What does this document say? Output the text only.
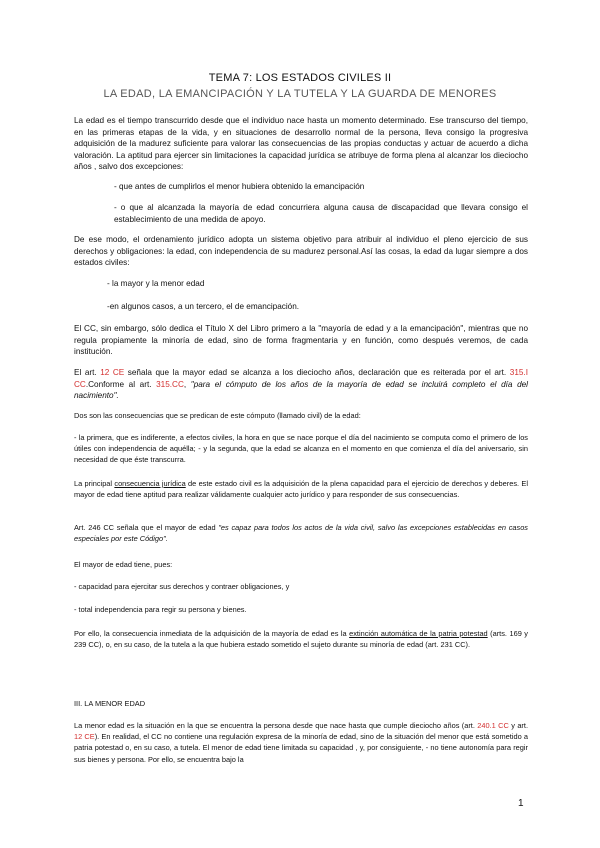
TEMA 7: LOS ESTADOS CIVILES II
LA EDAD, LA EMANCIPACIÓN Y LA TUTELA Y LA GUARDA DE MENORES

La edad es el tiempo transcurrido desde que el individuo nace hasta un momento determinado. Ese transcurso del tiempo, en las primeras etapas de la vida, y en situaciones de desarrollo normal de la persona, lleva consigo la progresiva adquisición de la madurez suficiente para valorar las consecuencias de las propias conductas y actuar de acuerdo a dicha valoración. La aptitud para ejercer sin limitaciones la capacidad jurídica se atribuye de forma plena al alcanzar los dieciocho años , salvo dos excepciones:

- que antes de cumplirlos el menor hubiera obtenido la emancipación

- o que al alcanzada la mayoría de edad concurriera alguna causa de discapacidad que llevara consigo el establecimiento de una medida de apoyo.

De ese modo, el ordenamiento jurídico adopta un sistema objetivo para atribuir al individuo el pleno ejercicio de sus derechos y obligaciones: la edad, con independencia de su madurez personal.Así las cosas, la edad da lugar siempre a dos estados civiles:

- la mayor y la menor edad

-en algunos casos, a un tercero, el de emancipación.

El CC, sin embargo, sólo dedica el Título X del Libro primero a la "mayoría de edad y a la emancipación", mientras que no regula propiamente la minoría de edad, sino de forma fragmentaria y en función, como después veremos, de cada institución.

El art. 12 CE señala que la mayor edad se alcanza a los dieciocho años, declaración que es reiterada por el art. 315.I CC.Conforme al art. 315.CC, "para el cómputo de los años de la mayoría de edad se incluirá completo el día del nacimiento".

Dos son las consecuencias que se predican de este cómputo (llamado civil) de la edad:

- la primera, que es indiferente, a efectos civiles, la hora en que se nace porque el día del nacimiento se computa como el primero de los útiles con independencia de aquélla; - y la segunda, que la edad se alcanza en el momento en que comienza el día del aniversario, sin necesidad de que éste transcurra.

La principal consecuencia jurídica de este estado civil es la adquisición de la plena capacidad para el ejercicio de derechos y deberes. El mayor de edad tiene aptitud para realizar válidamente cualquier acto jurídico y para responder de sus consecuencias.

Art. 246 CC señala que el mayor de edad "es capaz para todos los actos de la vida civil, salvo las excepciones establecidas en casos especiales por este Código".

El mayor de edad tiene, pues:

- capacidad para ejercitar sus derechos y contraer obligaciones, y

- total independencia para regir su persona y bienes.

Por ello, la consecuencia inmediata de la adquisición de la mayoría de edad es la extinción automática de la patria potestad (arts. 169 y 239 CC), o, en su caso, de la tutela a la que hubiera estado sometido el sujeto durante su minoría de edad (art. 231 CC).

III. LA MENOR EDAD

La menor edad es la situación en la que se encuentra la persona desde que nace hasta que cumple dieciocho años (art. 240.1 CC y art. 12 CE). En realidad, el CC no contiene una regulación expresa de la minoría de edad, sino de la situación del menor que está sometido a patria potestad o, en su caso, a tutela. El menor de edad tiene limitada su capacidad , y, por consiguiente, - no tiene autonomía para regir sus bienes y persona. Por ello, se encuentra bajo la

1
